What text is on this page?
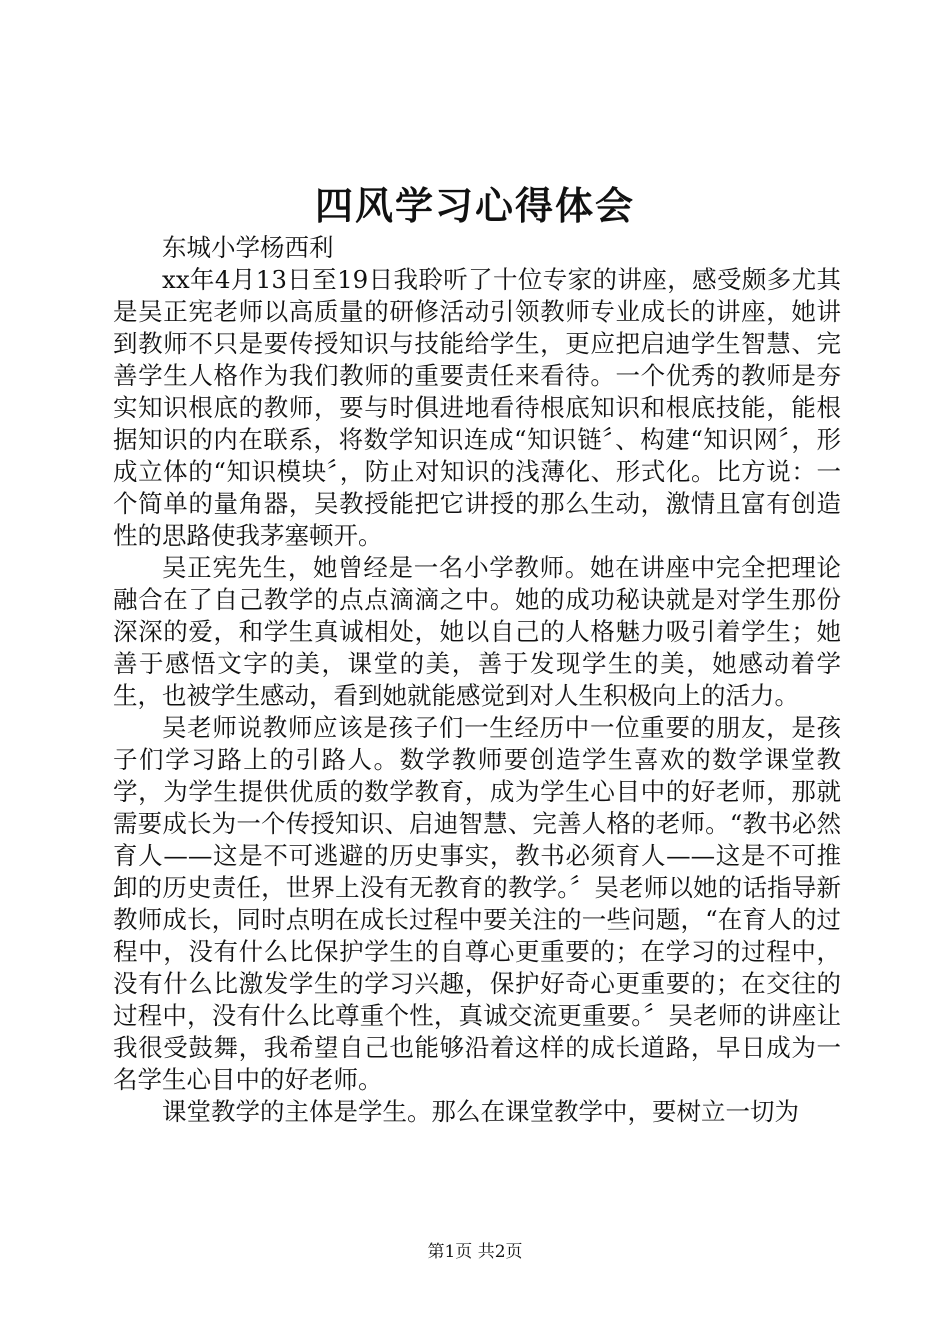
四风学习心得体会

东城小学杨西利

xx年4月13日至19日我聆听了十位专家的讲座，感受颇多尤其是吴正宪老师以高质量的研修活动引领教师专业成长的讲座，她讲到教师不只是要传授知识与技能给学生，更应把启迪学生智慧、完善学生人格作为我们教师的重要责任来看待。一个优秀的教师是夯实知识根底的教师，要与时俱进地看待根底知识和根底技能，能根据知识的内在联系，将数学知识连成“知识链〞、构建“知识网〞，形成立体的“知识模块〞，防止对知识的浅薄化、形式化。比方说：一个简单的量角器，吴教授能把它讲授的那么生动，激情且富有创造性的思路使我茅塞顿开。

吴正宪先生，她曾经是一名小学教师。她在讲座中完全把理论融合在了自己教学的点点滴滴之中。她的成功秘诀就是对学生那份深深的爱，和学生真诚相处，她以自己的人格魅力吸引着学生；她善于感悟文字的美，课堂的美，善于发现学生的美，她感动着学生，也被学生感动，看到她就能感觉到对人生积极向上的活力。

吴老师说教师应该是孩子们一生经历中一位重要的朋友，是孩子们学习路上的引路人。数学教师要创造学生喜欢的数学课堂教学，为学生提供优质的数学教育，成为学生心目中的好老师，那就需要成长为一个传授知识、启迪智慧、完善人格的老师。“教书必然育人——这是不可逃避的历史事实，教书必须育人——这是不可推卸的历史责任，世界上没有无教育的教学。〞吴老师以她的话指导新教师成长，同时点明在成长过程中要关注的一些问题，“在育人的过程中，没有什么比保护学生的自尊心更重要的；在学习的过程中，没有什么比激发学生的学习兴趣，保护好奇心更重要的；在交往的过程中，没有什么比尊重个性，真诚交流更重要。〞吴老师的讲座让我很受鼓舞，我希望自己也能够沿着这样的成长道路，早日成为一名学生心目中的好老师。

课堂教学的主体是学生。那么在课堂教学中，要树立一切为

第1页 共2页
